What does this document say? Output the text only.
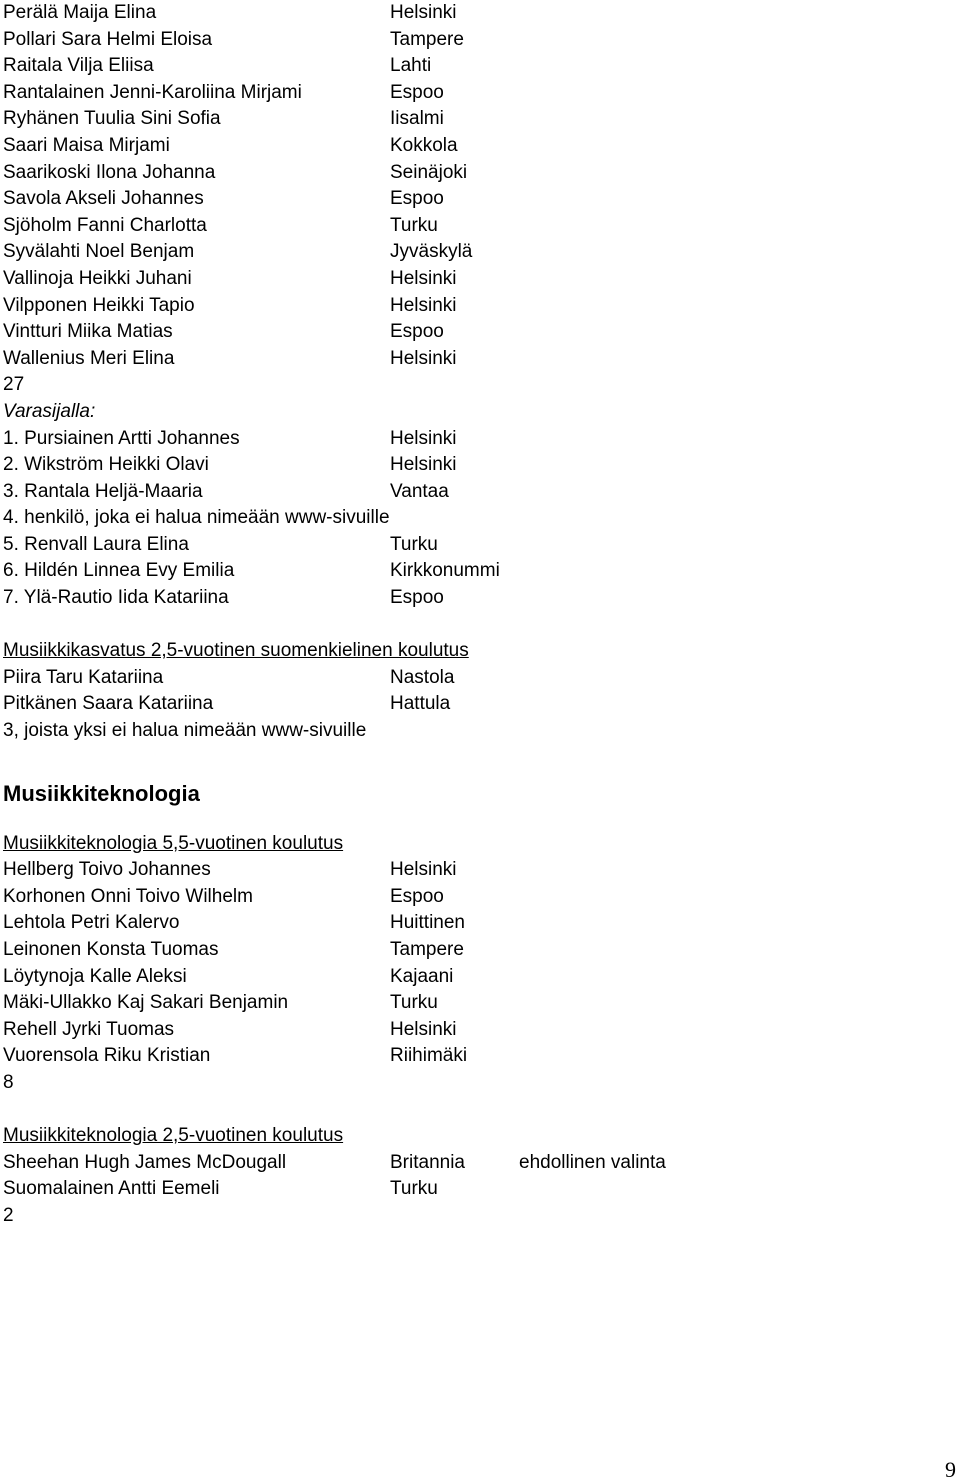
Perälä Maija Elina	Helsinki
Pollari Sara Helmi Eloisa	Tampere
Raitala Vilja Eliisa	Lahti
Rantalainen Jenni-Karoliina Mirjami	Espoo
Ryhänen Tuulia Sini Sofia	Iisalmi
Saari Maisa Mirjami	Kokkola
Saarikoski Ilona Johanna	Seinäjoki
Savola Akseli Johannes	Espoo
Sjöholm Fanni Charlotta	Turku
Syvälahti Noel Benjam	Jyväskylä
Vallinoja Heikki Juhani	Helsinki
Vilpponen Heikki Tapio	Helsinki
Vintturi Miika Matias	Espoo
Wallenius Meri Elina	Helsinki
27
Varasijalla:
1. Pursiainen Artti Johannes	Helsinki
2. Wikström Heikki Olavi	Helsinki
3. Rantala Heljä-Maaria	Vantaa
4. henkilö, joka ei halua nimeään www-sivuille
5. Renvall Laura Elina	Turku
6. Hildén Linnea Evy Emilia	Kirkkonummi
7. Ylä-Rautio Iida Katariina	Espoo
Musiikkikasvatus 2,5-vuotinen suomenkielinen koulutus
Piira Taru Katariina	Nastola
Pitkänen Saara Katariina	Hattula
3, joista yksi ei halua nimeään www-sivuille
Musiikkiteknologia
Musiikkiteknologia 5,5-vuotinen koulutus
Hellberg Toivo Johannes	Helsinki
Korhonen Onni Toivo Wilhelm	Espoo
Lehtola Petri Kalervo	Huittinen
Leinonen Konsta Tuomas	Tampere
Löytynoja Kalle Aleksi	Kajaani
Mäki-Ullakko Kaj Sakari Benjamin	Turku
Rehell Jyrki Tuomas	Helsinki
Vuorensola Riku Kristian	Riihimäki
8
Musiikkiteknologia 2,5-vuotinen koulutus
Sheehan Hugh James McDougall	Britannia	ehdollinen valinta
Suomalainen Antti Eemeli	Turku
2
9
